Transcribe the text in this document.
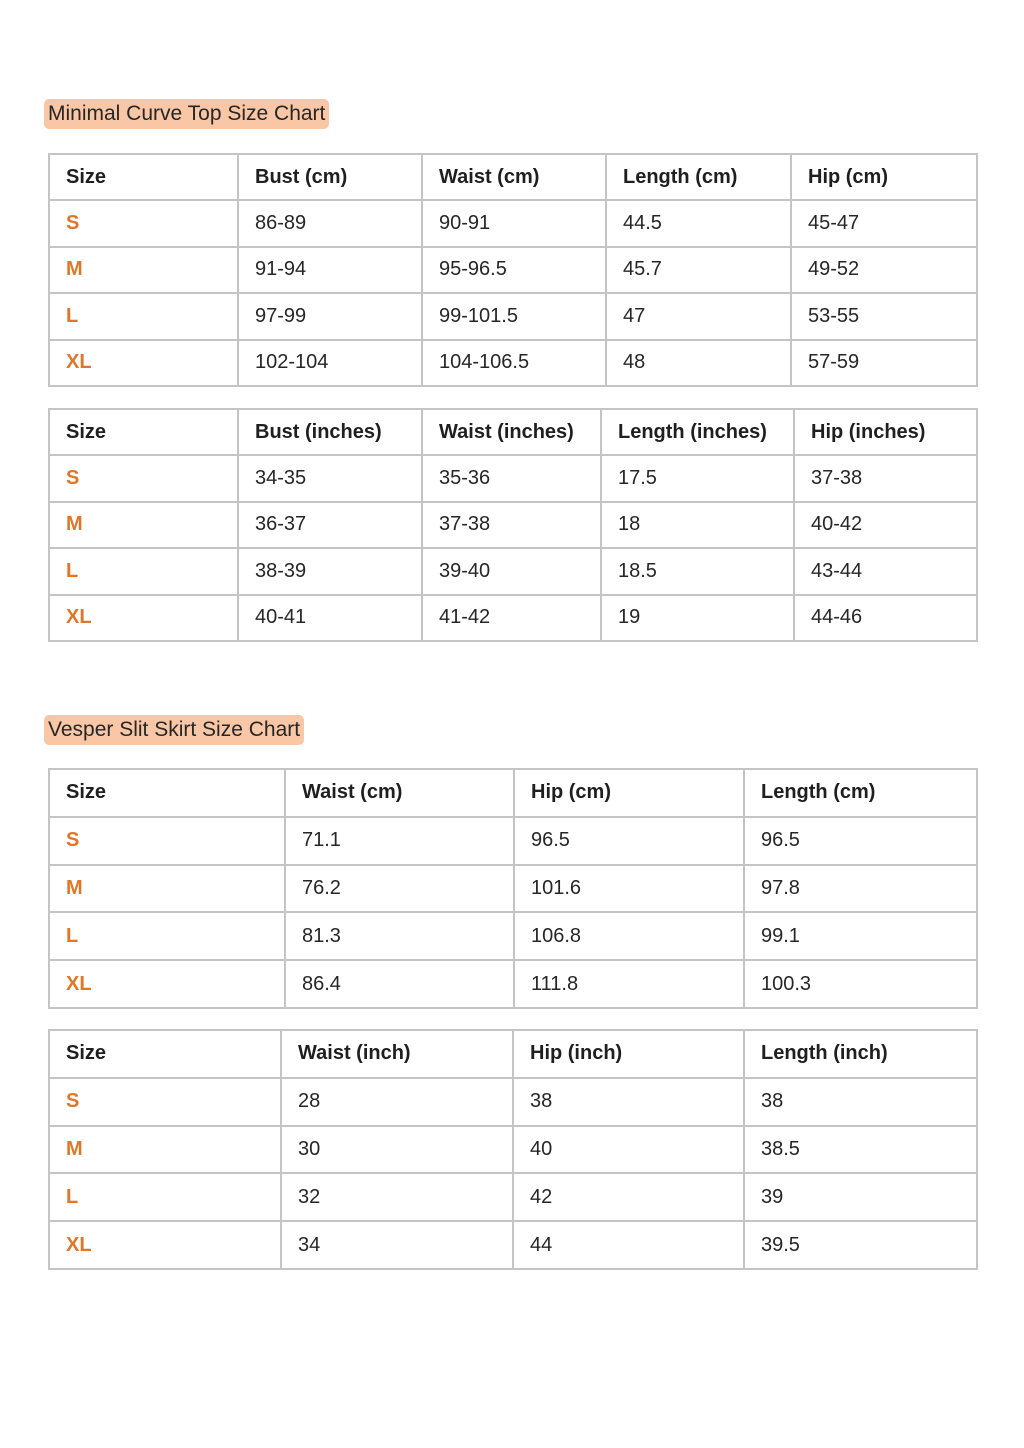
Minimal Curve Top Size Chart
Size	Bust (cm)	Waist (cm)	Length (cm)	Hip (cm)
S	86-89	90-91	44.5	45-47
M	91-94	95-96.5	45.7	49-52
L	97-99	99-101.5	47	53-55
XL	102-104	104-106.5	48	57-59
Size	Bust (inches)	Waist (inches)	Length (inches)	Hip (inches)
S	34-35	35-36	17.5	37-38
M	36-37	37-38	18	40-42
L	38-39	39-40	18.5	43-44
XL	40-41	41-42	19	44-46
Vesper Slit Skirt Size Chart
Size	Waist (cm)	Hip (cm)	Length (cm)
S	71.1	96.5	96.5
M	76.2	101.6	97.8
L	81.3	106.8	99.1
XL	86.4	111.8	100.3
Size	Waist (inch)	Hip (inch)	Length (inch)
S	28	38	38
M	30	40	38.5
L	32	42	39
XL	34	44	39.5
